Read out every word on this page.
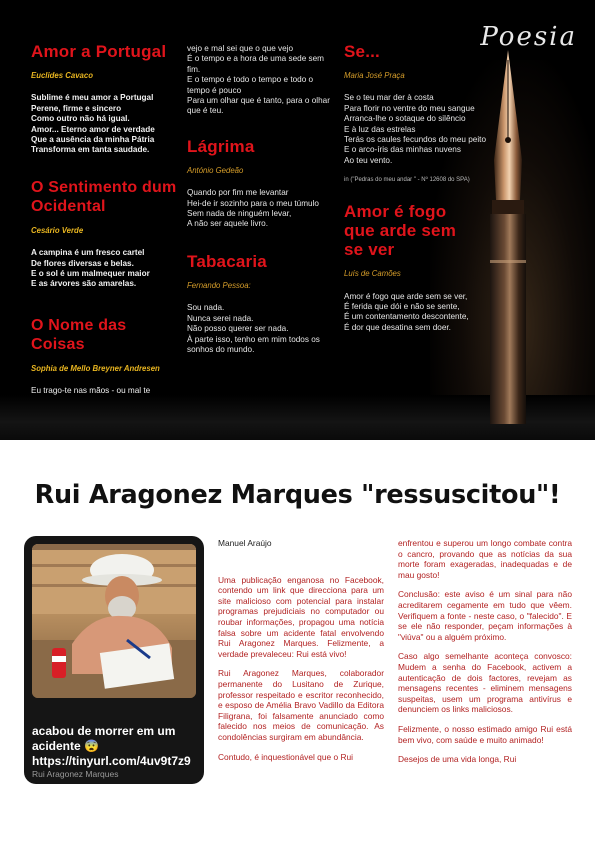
Poesia
Amor a Portugal
Euclides Cavaco
Sublime é meu amor a Portugal
Perene, firme e sincero
Como outro não há igual.
Amor... Eterno amor de verdade
Que a ausência da minha Pátria
Transforma em tanta saudade.
O Sentimento dum Ocidental
Cesário Verde
A campina é um fresco cartel
De flores diversas e belas.
E o sol é um malmequer maior
E as árvores são amarelas.
O Nome das Coisas
Sophia de Mello Breyner Andresen
Eu trago-te nas mãos - ou mal te
vejo e mal sei que o que vejo
É o tempo e a hora de uma sede sem fim.
E o tempo é todo o tempo e todo o tempo é pouco
Para um olhar que é tanto, para o olhar que é teu.
Lágrima
António Gedeão
Quando por fim me levantar
Hei-de ir sozinho para o meu túmulo
Sem nada de ninguém levar,
A não ser aquele livro.
Tabacaria
Fernando Pessoa:
Sou nada.
Nunca serei nada.
Não posso querer ser nada.
À parte isso, tenho em mim todos os sonhos do mundo.
Se...
Maria José Praça
Se o teu mar der à costa
Para florir no ventre do meu sangue
Arranca-lhe o sotaque do silêncio
E à luz das estrelas
Terás os caules fecundos do meu peito
E o arco-íris das minhas nuvens
Ao teu vento.
in ("Pedras do meu andar " - Nº 12608 do SPA)
Amor é fogo que arde sem se ver
Luís de Camões
Amor é fogo que arde sem se ver,
É ferida que dói e não se sente,
É um contentamento descontente,
É dor que desatina sem doer.
Rui Aragonez Marques "ressuscitou"!
acabou de morrer em um
acidente 😨
https://tinyurl.com/4uv9t7z9
Rui Aragonez Marques
Manuel Araújo

Uma publicação enganosa no Facebook, contendo um link que direcciona para um site malicioso com potencial para instalar programas prejudiciais no computador ou roubar informações, propagou uma notícia falsa sobre um acidente fatal envolvendo Rui Aragonez Marques. Felizmente, a verdade prevaleceu: Rui está vivo!

Rui Aragonez Marques, colaborador permanente do Lusitano de Zurique, professor respeitado e escritor reconhecido, e esposo de Amélia Bravo Vadillo da Editora Filigrana, foi falsamente anunciado como falecido nos meios de comunicação. As condolências surgiram em abundância.

Contudo, é inquestionável que o Rui

enfrentou e superou um longo combate contra o cancro, provando que as notícias da sua morte foram exageradas, inadequadas e de mau gosto!

Conclusão: este aviso é um sinal para não acreditarem cegamente em tudo que vêem. Verifiquem a fonte - neste caso, o "falecido". E se ele não responder, peçam informações à "viúva" ou a alguém próximo.

Caso algo semelhante aconteça convosco: Mudem a senha do Facebook, activem a autenticação de dois factores, revejam as mensagens recentes - eliminem mensagens suspeitas, usem um programa antivírus e denunciem os links maliciosos.

Felizmente, o nosso estimado amigo Rui está bem vivo, com saúde e muito animado!

Desejos de uma vida longa, Rui
